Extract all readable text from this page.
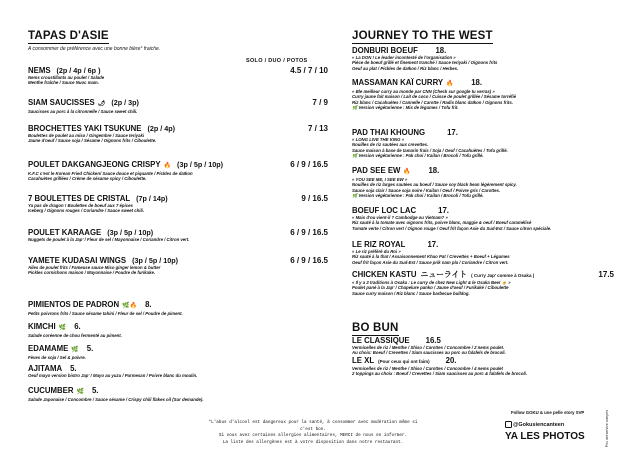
TAPAS D'ASIE
A consommer de préférence avec une bonne bière° fraiche.
SOLO / DUO / POTOS
NEMS (2p / 4p / 6p )	4.5 / 7 / 10
Nems croustillants au poulet / Salade
Menthe fraîche / Sauce Nuoc mam.
SIAM SAUCISSES 🌶 (2p / 3p)	7 / 9
Saucisses au porc à la citronnelle / Sauce sweet chili.
BROCHETTES YAKI TSUKUNE (2p / 4p)	7 / 13
Boulettes de poulet au miso / Gingembre / Sauce teriyaki
Jaune d'oeuf / Sauce soja / Sésame / Oignons frits / Ciboulette.
POULET DAKGANGJEONG CRISPY 🔥 (3p / 5p / 10p)	6 / 9 / 16.5
K.F.C c'est le Korean Fried Chicken/ Sauce douce et piquante / Pickles de daïkon
Cacahuètes grillées / Crème de sésame spicy / Ciboulette.
7 BOULETTES DE CRISTAL (7p / 14p)	9 / 16.5
Ya pas de dragon ! Boulettes de boeuf aux 7 épices
Iceberg / Oignons rouges / Coriandre / Sauce sweet chili.
POULET KARAAGE (3p / 5p / 10p)	6 / 9 / 16.5
Nuggets de poulet à la Jap' / Fleur de sel / Mayonnaise / Coriandre / Citron vert.
YAMETE KUDASAI WINGS (3p / 5p / 10p)	6 / 9 / 16.5
Ailes de poulet frits / Fameuse sauce Miso ginger lemon & butter
Pickles cornichons maison / Mayonnaise / Poudre de furikake.
PIMIENTOS DE PADRON 🌿🔥 8.
Petits poivrons frits / Sauce sésame tahini / Fleur de sel / Poudre de piment.
KIMCHI 🌿 6.
Salade coréenne de chou fermenté au piment.
EDAMAME 🌿 5.
Fèves de soja / Sel & poivre.
AJITAMA 5.
Oeuf mayo version bistro Jap' / Mayo au yuzu / Parmesan / Poivre blanc du moulin.
CUCUMBER 🌿 5.
Salade Japonaise / Concombre / Sauce sésame / Crispy chili flakes oil (Sur demande).
JOURNEY TO THE WEST
DONBURI BOEUF 18.
« La DON ! Le leader incontesté de l'organisation »
Pièce de boeuf grillé et finement tranché / Sauce teriyaki / Oignons frits
Oeuf au plat / Pickles de daïkon / Riz blanc / Herbes.
MASSAMAN KAÏ CURRY 🔥 18.
« Ble meilleur curry au monde par CNN (Check sur google tu verras) »
Curry jaune fait maison / Lait de coco / Cuisse de poulet grillée / Sésame torréfié
Riz blanc / Cacahuètes / Cannelle / Carotte / Radis blanc daïkon / Oignons frits.
🌿 Version végétarienne : Mix de légumes / Tofu frit.
PAD THAI KHOUNG	17.
« LONG LIVE THE KING »
Nouilles de riz sautées aux crevettes.
Sauce maison à base de tamarin frais / Soja / Oeuf / Cacahuètes / Tofu grillé.
🌿 Version végétarienne : Pak choi / Kailan / Brocoli / Tofu grillé.
PAD SEE EW 🔥 18.
« YOU SEE ME, I SEE EW »
Nouilles de riz larges sautées au boeuf / Sauce soy black bean légèrement spicy.
Sauce soja clair / Sauce soja noire / Kailan / Oeuf / Poivre gris / Carottes.
🌿 Version végétarienne : Pak choi / Kailan / Brocoli / Tofu grillé.
BOEUF LOC LAC	17.
« Mais d'ou vient-il ? Cambodge ou Vietnam? »
Riz sauté à la tomate avec oignons frits, poivre blanc, maggie & oeuf / Boeuf caramélisé
Tomate verte / Citron vert / Oignon rouge / Oeuf frit façon Asie du Sud-Est / Sauce citron spéciale.
LE RIZ ROYAL	17.
« Le riz préféré du Roi »
Riz sauté à la thaï / Assaisonnement Khao Pat / Crevettes + Boeuf + Légumes
Oeuf frit façon Asie du Sud-Est / Sauce prik nam pla / Coriandre / Citron vert.
CHICKEN KASTU ニューライト ( Curry Jap' comme à Osaka )	17.5
« Il y a 2 traditions à Osaka : Le curry de chez New Light & le Osaka Beer 🍺 »
Poulet pané à la Jap' / Chapelure panko / Jaune d'oeuf / Furikaké / Ciboulette
Sauce curry maison / Riz blanc / Sauce barbecue bulldog.
BO BUN
LE CLASSIQUE 16.5
Vermicelles de riz / Menthe / Shiso / Carottes / Concombre / 2 nems poulet.
Au choix: Boeuf / Crevettes / Siam saucisses au porc ou falafels de brocoli.
LE XL (Pour ceux qui ont faim) 20.
Vermicelles de riz / Menthe / Shiso / Carottes / Concombre / 4 nems poulet
2 toppings au choix : Boeuf / Crevettes / Siam saucisses au porc & falafels de brocoli.
*L'abus d'alcool est dangereux pour la santé, à consommer avec modération même si c'est bon.
Si vous avez certaines allergies alimentaires, MERCI de nous en informer.
La liste des allergènes est à votre disposition dans notre restaurant.
Follow GOKU & une pelle story SVP
@Gokusiencanteen
YA LES PHOTOS	Prix net service compris
